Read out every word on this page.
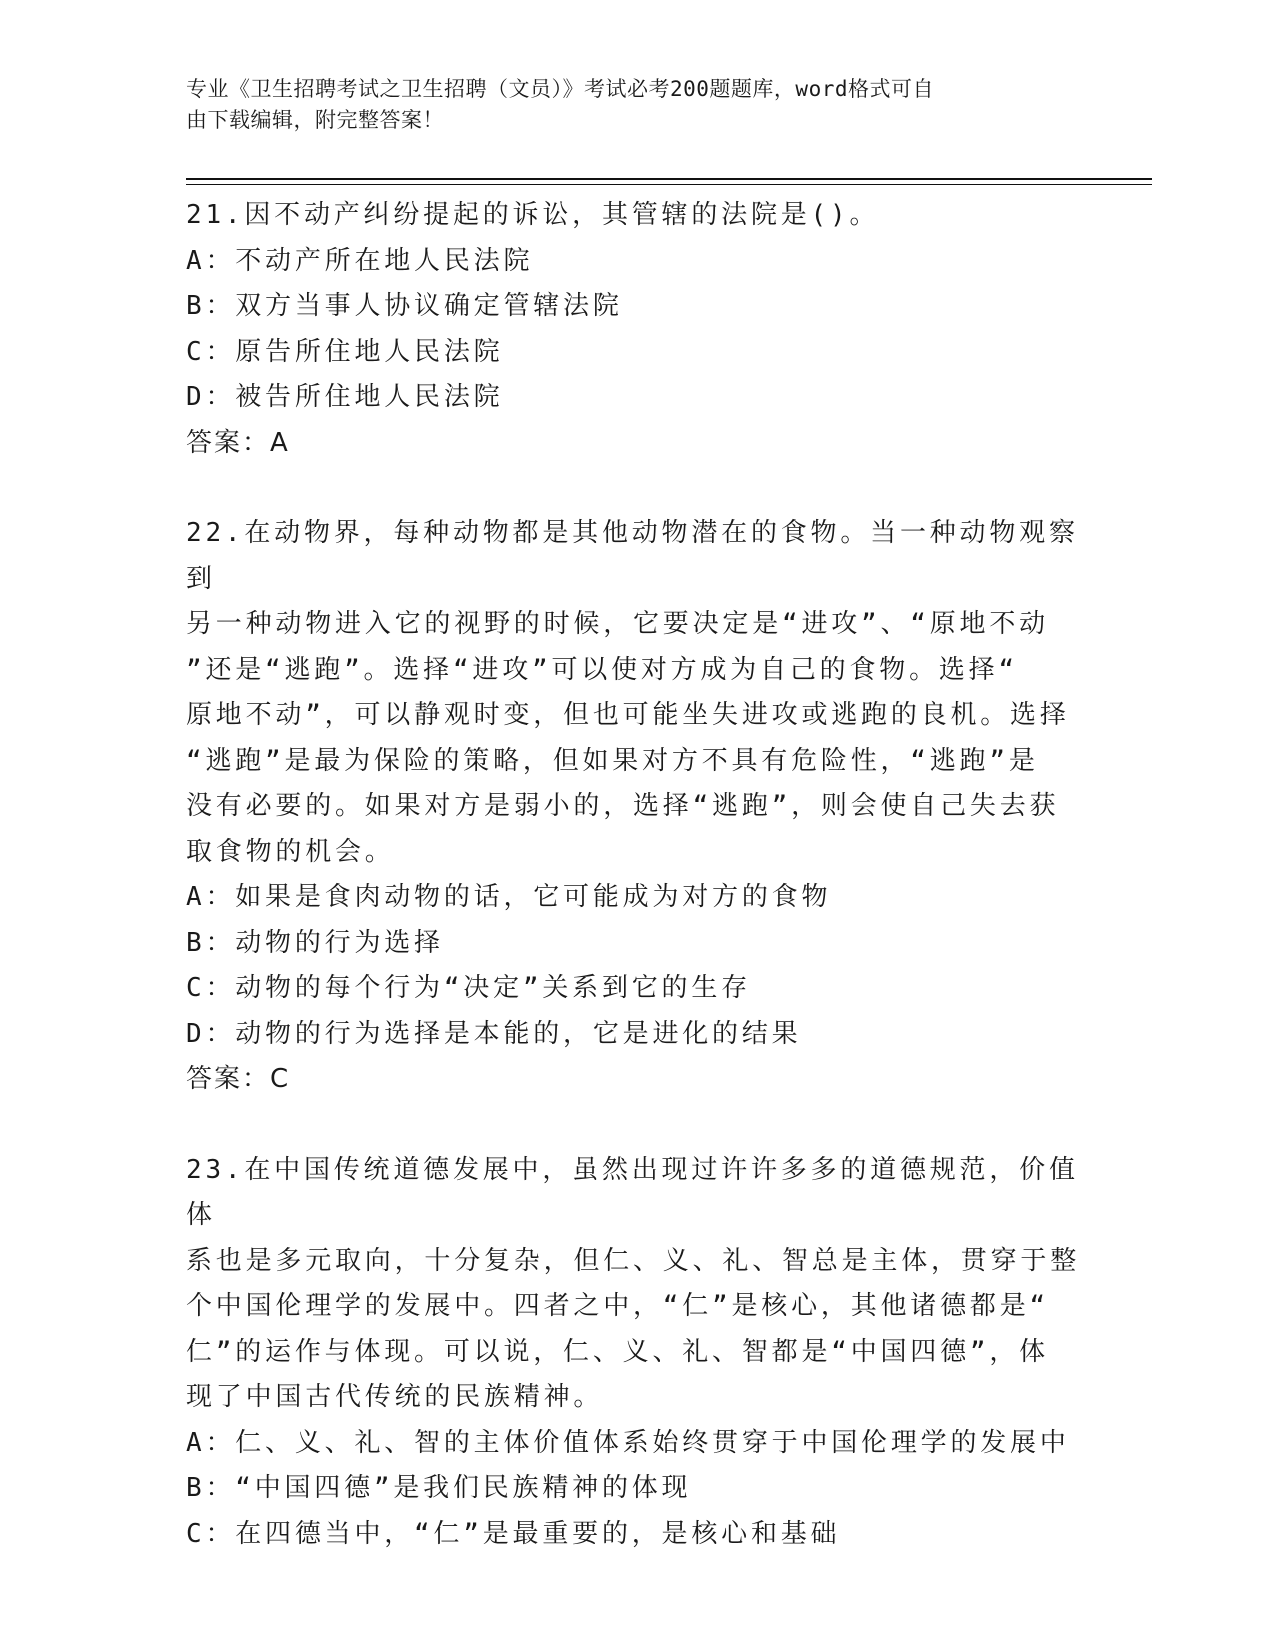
专业《卫生招聘考试之卫生招聘（文员）》考试必考200题题库，word格式可自
由下载编辑，附完整答案！

21.因不动产纠纷提起的诉讼，其管辖的法院是()。

A：不动产所在地人民法院

B：双方当事人协议确定管辖法院

C：原告所住地人民法院

D：被告所住地人民法院

答案：A

22.在动物界，每种动物都是其他动物潜在的食物。当一种动物观察到

另一种动物进入它的视野的时候，它要决定是“进攻”、“原地不动

”还是“逃跑”。选择“进攻”可以使对方成为自己的食物。选择“

原地不动”，可以静观时变，但也可能坐失进攻或逃跑的良机。选择

“逃跑”是最为保险的策略，但如果对方不具有危险性，“逃跑”是

没有必要的。如果对方是弱小的，选择“逃跑”，则会使自己失去获

取食物的机会。

A：如果是食肉动物的话，它可能成为对方的食物

B：动物的行为选择

C：动物的每个行为“决定”关系到它的生存

D：动物的行为选择是本能的，它是进化的结果

答案：C

23.在中国传统道德发展中，虽然出现过许许多多的道德规范，价值体

系也是多元取向，十分复杂，但仁、义、礼、智总是主体，贯穿于整

个中国伦理学的发展中。四者之中，“仁”是核心，其他诸德都是“

仁”的运作与体现。可以说，仁、义、礼、智都是“中国四德”，体

现了中国古代传统的民族精神。

A：仁、义、礼、智的主体价值体系始终贯穿于中国伦理学的发展中

B：“中国四德”是我们民族精神的体现

C：在四德当中，“仁”是最重要的，是核心和基础
